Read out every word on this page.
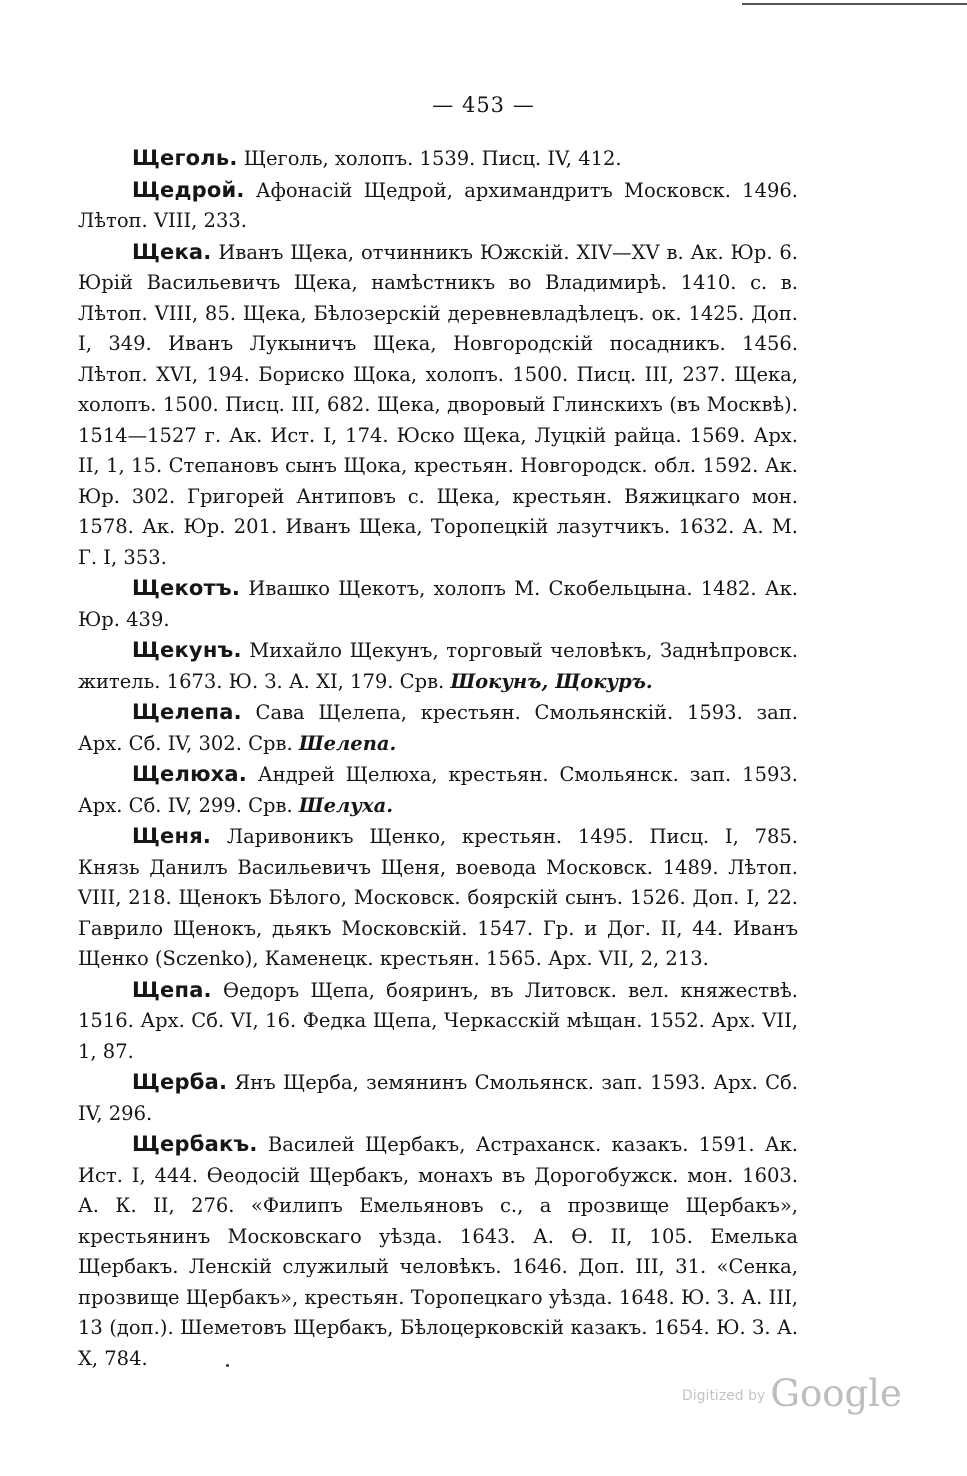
— 453 —

Щеголь. Щеголь, холопъ. 1539. Писц. IV, 412.

Щедрой. Афонасій Щедрой, архимандритъ Московск. 1496. Лѣтоп. VIII, 233.

Щека. Иванъ Щека, отчинникъ Южскій. XIV—XV в. Ак. Юр. 6. Юрій Васильевичъ Щека, намѣстникъ во Владимирѣ. 1410. с. в. Лѣтоп. VIII, 85. Щека, Бѣлозерскій деревневладѣлецъ. ок. 1425. Доп. I, 349. Иванъ Лукыничъ Щека, Новгородскій посадникъ. 1456. Лѣтоп. XVI, 194. Бориско Щока, холопъ. 1500. Писц. III, 237. Щека, холопъ. 1500. Писц. III, 682. Щека, дворовый Глинскихъ (въ Москвѣ). 1514—1527 г. Ак. Ист. I, 174. Юско Щека, Луцкій райца. 1569. Арх. II, 1, 15. Степановъ сынъ Щока, крестьян. Новгородск. обл. 1592. Ак. Юр. 302. Григорей Антиповъ с. Щека, крестьян. Вяжицкаго мон. 1578. Ак. Юр. 201. Иванъ Щека, Торопецкій лазутчикъ. 1632. А. М. Г. I, 353.

Щекотъ. Ивашко Щекотъ, холопъ М. Скобельцына. 1482. Ак. Юр. 439.

Щекунъ. Михайло Щекунъ, торговый человѣкъ, Заднѣпровск. житель. 1673. Ю. З. А. XI, 179. Срв. Шокунъ, Щокуръ.

Щелепа. Сава Щелепа, крестьян. Смольянскій. 1593. зап. Арх. Сб. IV, 302. Срв. Шелепа.

Щелюха. Андрей Щелюха, крестьян. Смольянск. зап. 1593. Арх. Сб. IV, 299. Срв. Шелуха.

Щеня. Ларивоникъ Щенко, крестьян. 1495. Писц. I, 785. Князь Данилъ Васильевичъ Щеня, воевода Московск. 1489. Лѣтоп. VIII, 218. Щенокъ Бѣлого, Московск. боярскій сынъ. 1526. Доп. I, 22. Гаврило Щенокъ, дьякъ Московскій. 1547. Гр. и Дог. II, 44. Иванъ Щенко (Sczenko), Каменецк. крестьян. 1565. Арх. VII, 2, 213.

Щепа. Өедоръ Щепа, бояринъ, въ Литовск. вел. княжествѣ. 1516. Арх. Сб. VI, 16. Федка Щепа, Черкасскій мѣщан. 1552. Арх. VII, 1, 87.

Щерба. Янъ Щерба, земянинъ Смольянск. зап. 1593. Арх. Сб. IV, 296.

Щербакъ. Василей Щербакъ, Астраханск. казакъ. 1591. Ак. Ист. I, 444. Өеодосій Щербакъ, монахъ въ Дорогобужск. мон. 1603. А. К. II, 276. «Филипъ Емельяновъ с., а прозвище Щербакъ», крестьянинъ Московскаго уѣзда. 1643. А. Ө. II, 105. Емелька Щербакъ. Ленскій служилый человѣкъ. 1646. Доп. III, 31. «Сенка, прозвище Щербакъ», крестьян. Торопецкаго уѣзда. 1648. Ю. З. А. III, 13 (доп.). Шеметовъ Щербакъ, Бѣлоцерковскій казакъ. 1654. Ю. З. А. X, 784.

Digitized by Google
